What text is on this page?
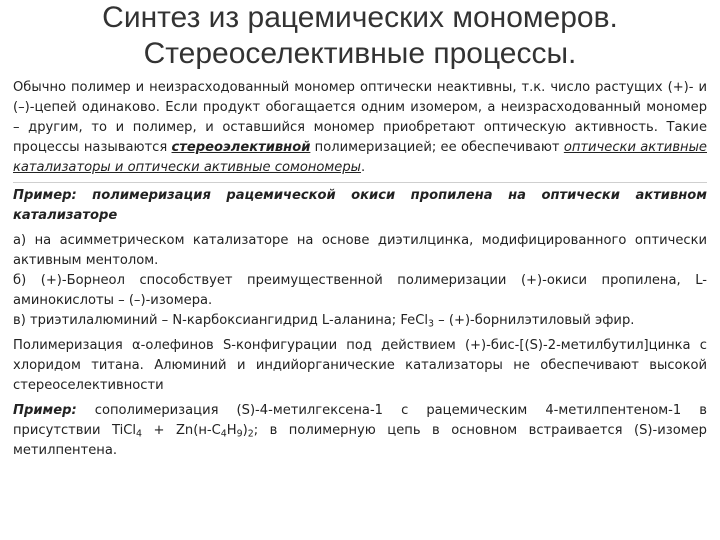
Синтез из рацемических мономеров.
Стереоселективные процессы.

Обычно полимер и неизрасходованный мономер оптически неактивны, т.к. число растущих (+)- и (–)-цепей одинаково. Если продукт обогащается одним изомером, а неизрасходованный мономер – другим, то и полимер, и оставшийся мономер приобретают оптическую активность. Такие процессы называются стереоэлективной полимеризацией; ее обеспечивают оптически активные катализаторы и оптически активные сомономеры.

Пример: полимеризация рацемической окиси пропилена на оптически активном катализаторе

а) на асимметрическом катализаторе на основе диэтилцинка, модифицированного оптически активным ментолом.

б) (+)-Борнеол способствует преимущественной полимеризации (+)-окиси пропилена, L-аминокислоты – (–)-изомера.

в) триэтилалюминий – N-карбоксиангидрид L-аланина; FeCl$_3$ – (+)-борнилэтиловый эфир.

Полимеризация α-олефинов S-конфигурации под действием (+)-бис-[(S)-2-метилбутил]цинка с хлоридом титана. Алюминий и индийорганические катализаторы не обеспечивают высокой стереоселективности

Пример: сополимеризация (S)-4-метилгексена-1 с рацемическим 4-метилпентеном-1 в присутствии TiCl$_4$ + $Zn(н-C_4H_9)_2$; в полимерную цепь в основном встраивается (S)-изомер метилпентена.
